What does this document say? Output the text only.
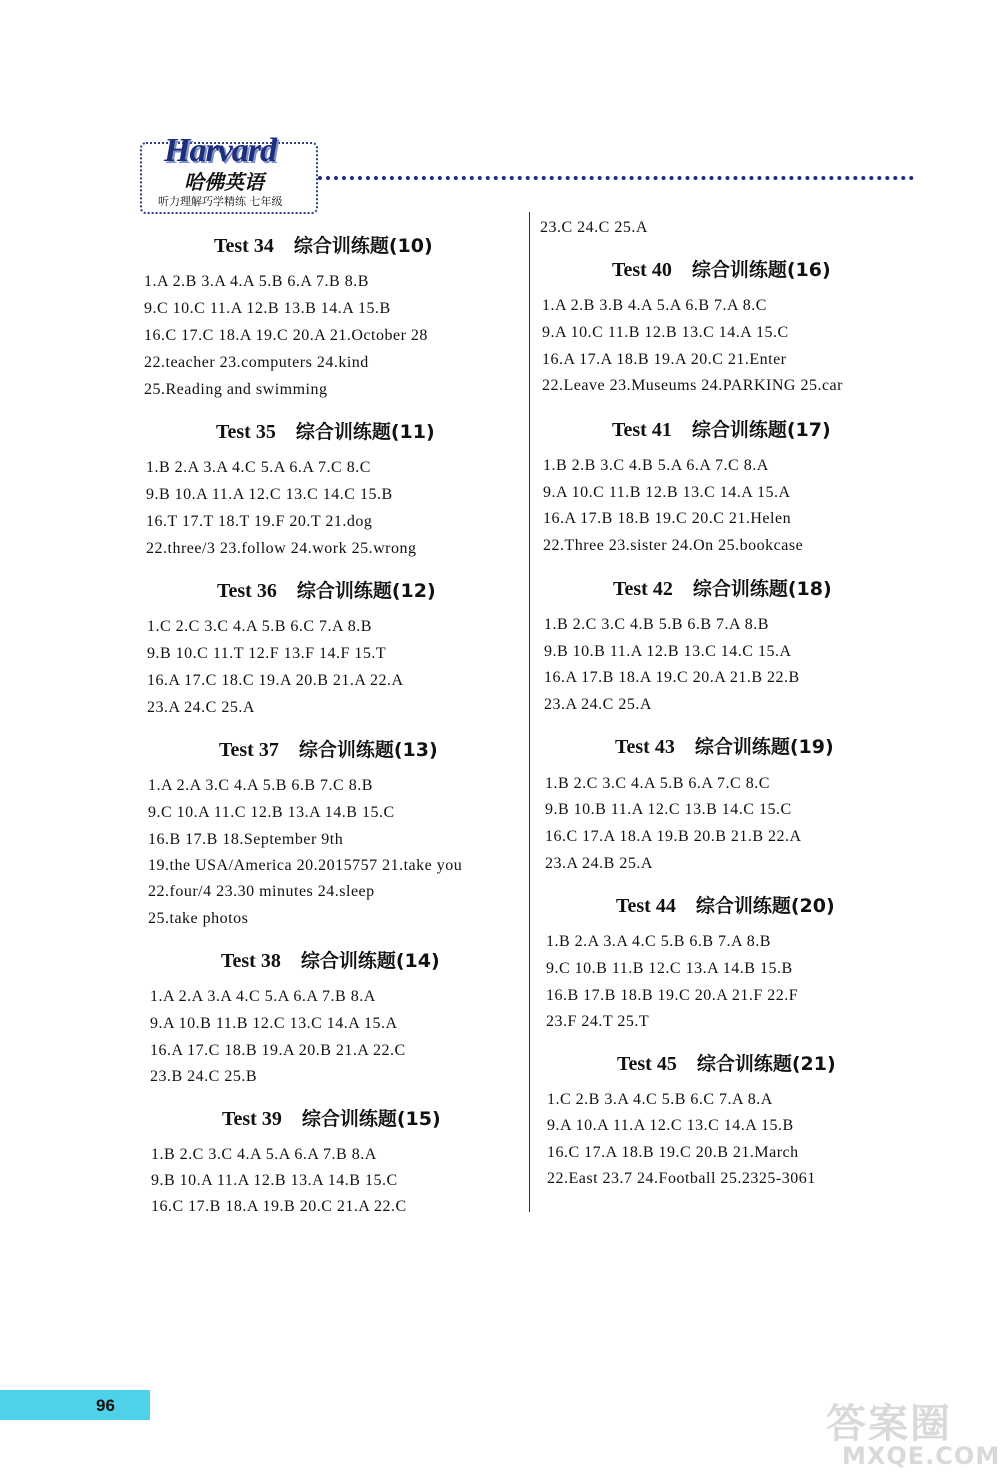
Harvard
哈佛英语
听力理解巧学精练 七年级
Test 34 综合训练题(10)
1.A 2.B 3.A 4.A 5.B 6.A 7.B 8.B
9.C 10.C 11.A 12.B 13.B 14.A 15.B
16.C 17.C 18.A 19.C 20.A 21.October 28
22.teacher 23.computers 24.kind
25.Reading and swimming
Test 35 综合训练题(11)
1.B 2.A 3.A 4.C 5.A 6.A 7.C 8.C
9.B 10.A 11.A 12.C 13.C 14.C 15.B
16.T 17.T 18.T 19.F 20.T 21.dog
22.three/3 23.follow 24.work 25.wrong
Test 36 综合训练题(12)
1.C 2.C 3.C 4.A 5.B 6.C 7.A 8.B
9.B 10.C 11.T 12.F 13.F 14.F 15.T
16.A 17.C 18.C 19.A 20.B 21.A 22.A
23.A 24.C 25.A
Test 37 综合训练题(13)
1.A 2.A 3.C 4.A 5.B 6.B 7.C 8.B
9.C 10.A 11.C 12.B 13.A 14.B 15.C
16.B 17.B 18.September 9th
19.the USA/America 20.2015757 21.take you
22.four/4 23.30 minutes 24.sleep
25.take photos
Test 38 综合训练题(14)
1.A 2.A 3.A 4.C 5.A 6.A 7.B 8.A
9.A 10.B 11.B 12.C 13.C 14.A 15.A
16.A 17.C 18.B 19.A 20.B 21.A 22.C
23.B 24.C 25.B
Test 39 综合训练题(15)
1.B 2.C 3.C 4.A 5.A 6.A 7.B 8.A
9.B 10.A 11.A 12.B 13.A 14.B 15.C
16.C 17.B 18.A 19.B 20.C 21.A 22.C
23.C 24.C 25.A
Test 40 综合训练题(16)
1.A 2.B 3.B 4.A 5.A 6.B 7.A 8.C
9.A 10.C 11.B 12.B 13.C 14.A 15.C
16.A 17.A 18.B 19.A 20.C 21.Enter
22.Leave 23.Museums 24.PARKING 25.car
Test 41 综合训练题(17)
1.B 2.B 3.C 4.B 5.A 6.A 7.C 8.A
9.A 10.C 11.B 12.B 13.C 14.A 15.A
16.A 17.B 18.B 19.C 20.C 21.Helen
22.Three 23.sister 24.On 25.bookcase
Test 42 综合训练题(18)
1.B 2.C 3.C 4.B 5.B 6.B 7.A 8.B
9.B 10.B 11.A 12.B 13.C 14.C 15.A
16.A 17.B 18.A 19.C 20.A 21.B 22.B
23.A 24.C 25.A
Test 43 综合训练题(19)
1.B 2.C 3.C 4.A 5.B 6.A 7.C 8.C
9.B 10.B 11.A 12.C 13.B 14.C 15.C
16.C 17.A 18.A 19.B 20.B 21.B 22.A
23.A 24.B 25.A
Test 44 综合训练题(20)
1.B 2.A 3.A 4.C 5.B 6.B 7.A 8.B
9.C 10.B 11.B 12.C 13.A 14.B 15.B
16.B 17.B 18.B 19.C 20.A 21.F 22.F
23.F 24.T 25.T
Test 45 综合训练题(21)
1.C 2.B 3.A 4.C 5.B 6.C 7.A 8.A
9.A 10.A 11.A 12.C 13.C 14.A 15.B
16.C 17.A 18.B 19.C 20.B 21.March
22.East 23.7 24.Football 25.2325-3061
96	答案圈
MXQE.COM
